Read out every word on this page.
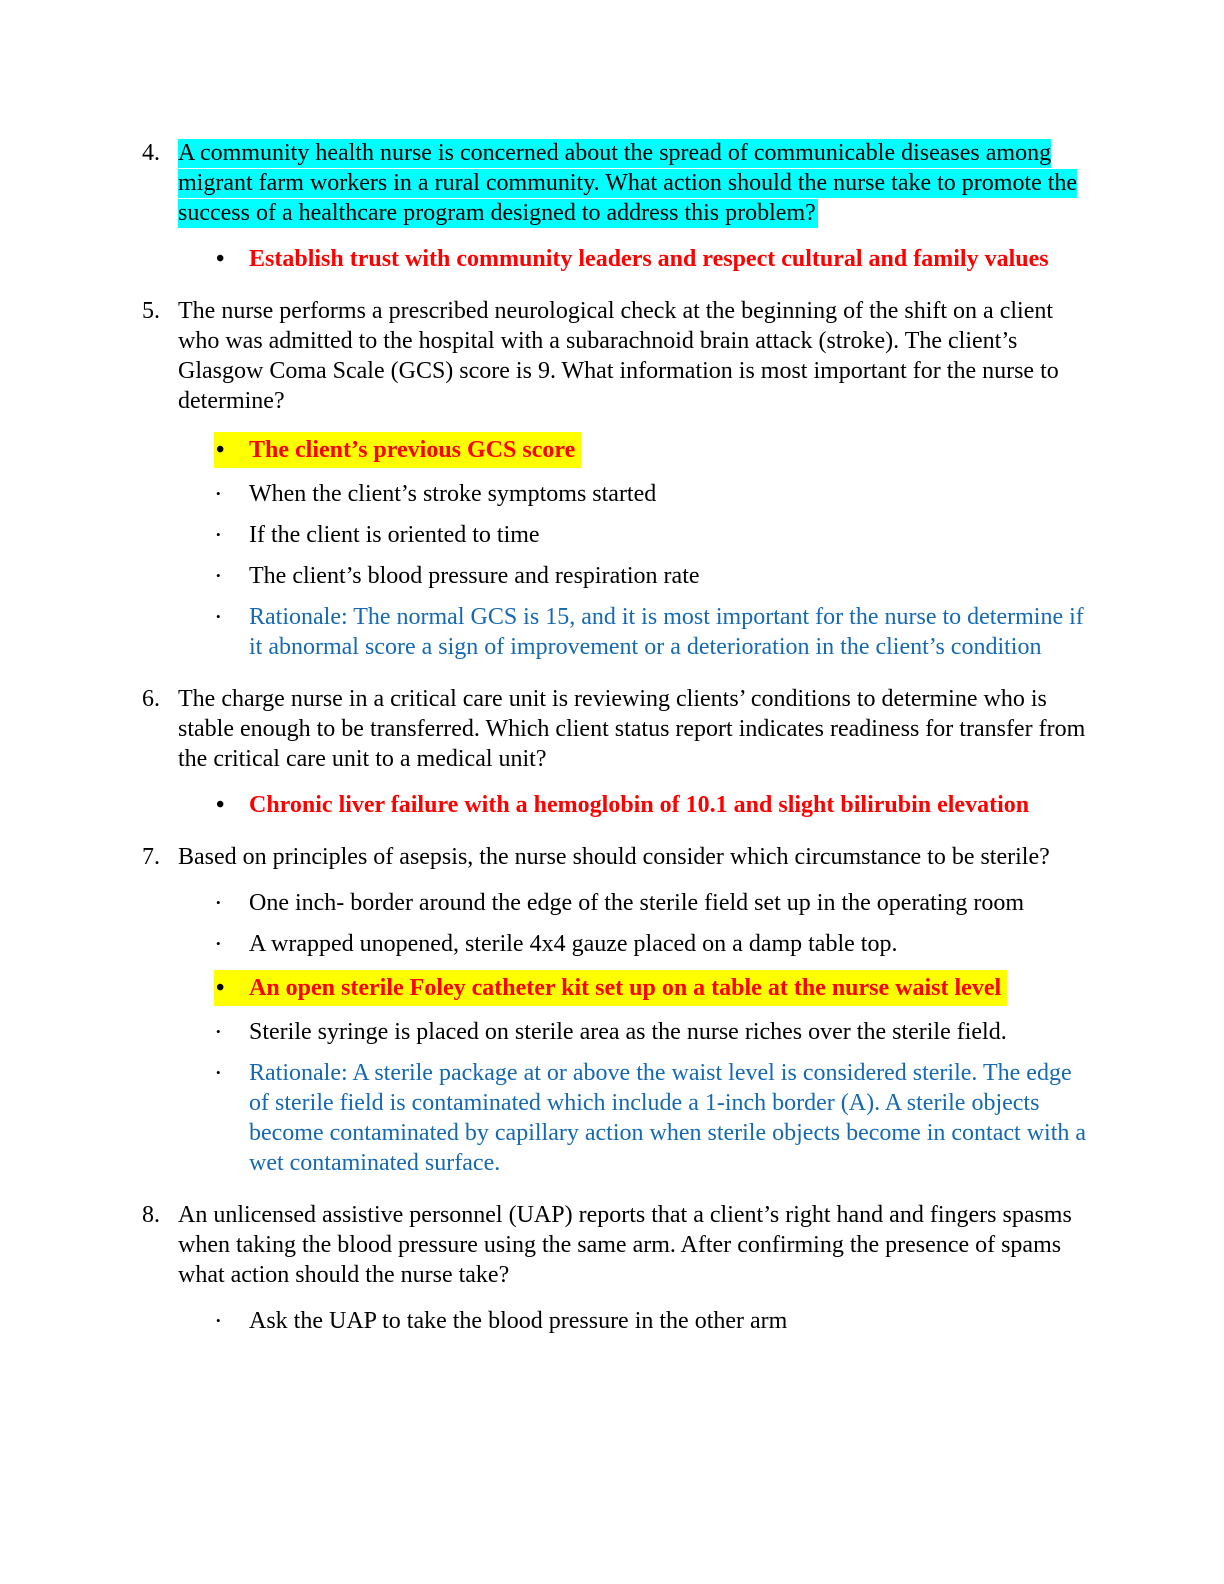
4. A community health nurse is concerned about the spread of communicable diseases among migrant farm workers in a rural community. What action should the nurse take to promote the success of a healthcare program designed to address this problem?
•	Establish trust with community leaders and respect cultural and family values
5. The nurse performs a prescribed neurological check at the beginning of the shift on a client who was admitted to the hospital with a subarachnoid brain attack (stroke). The client’s Glasgow Coma Scale (GCS) score is 9. What information is most important for the nurse to determine?
•	The client’s previous GCS score
•	When the client’s stroke symptoms started
•	If the client is oriented to time
•	The client’s blood pressure and respiration rate
•	Rationale: The normal GCS is 15, and it is most important for the nurse to determine if it abnormal score a sign of improvement or a deterioration in the client’s condition
6. The charge nurse in a critical care unit is reviewing clients’ conditions to determine who is stable enough to be transferred. Which client status report indicates readiness for transfer from the critical care unit to a medical unit?
•	Chronic liver failure with a hemoglobin of 10.1 and slight bilirubin elevation
7. Based on principles of asepsis, the nurse should consider which circumstance to be sterile?
•	One inch- border around the edge of the sterile field set up in the operating room
•	A wrapped unopened, sterile 4x4 gauze placed on a damp table top.
•	An open sterile Foley catheter kit set up on a table at the nurse waist level
•	Sterile syringe is placed on sterile area as the nurse riches over the sterile field.
•	Rationale: A sterile package at or above the waist level is considered sterile. The edge of sterile field is contaminated which include a 1-inch border (A). A sterile objects become contaminated by capillary action when sterile objects become in contact with a wet contaminated surface.
8. An unlicensed assistive personnel (UAP) reports that a client’s right hand and fingers spasms when taking the blood pressure using the same arm. After confirming the presence of spams what action should the nurse take?
•	Ask the UAP to take the blood pressure in the other arm
